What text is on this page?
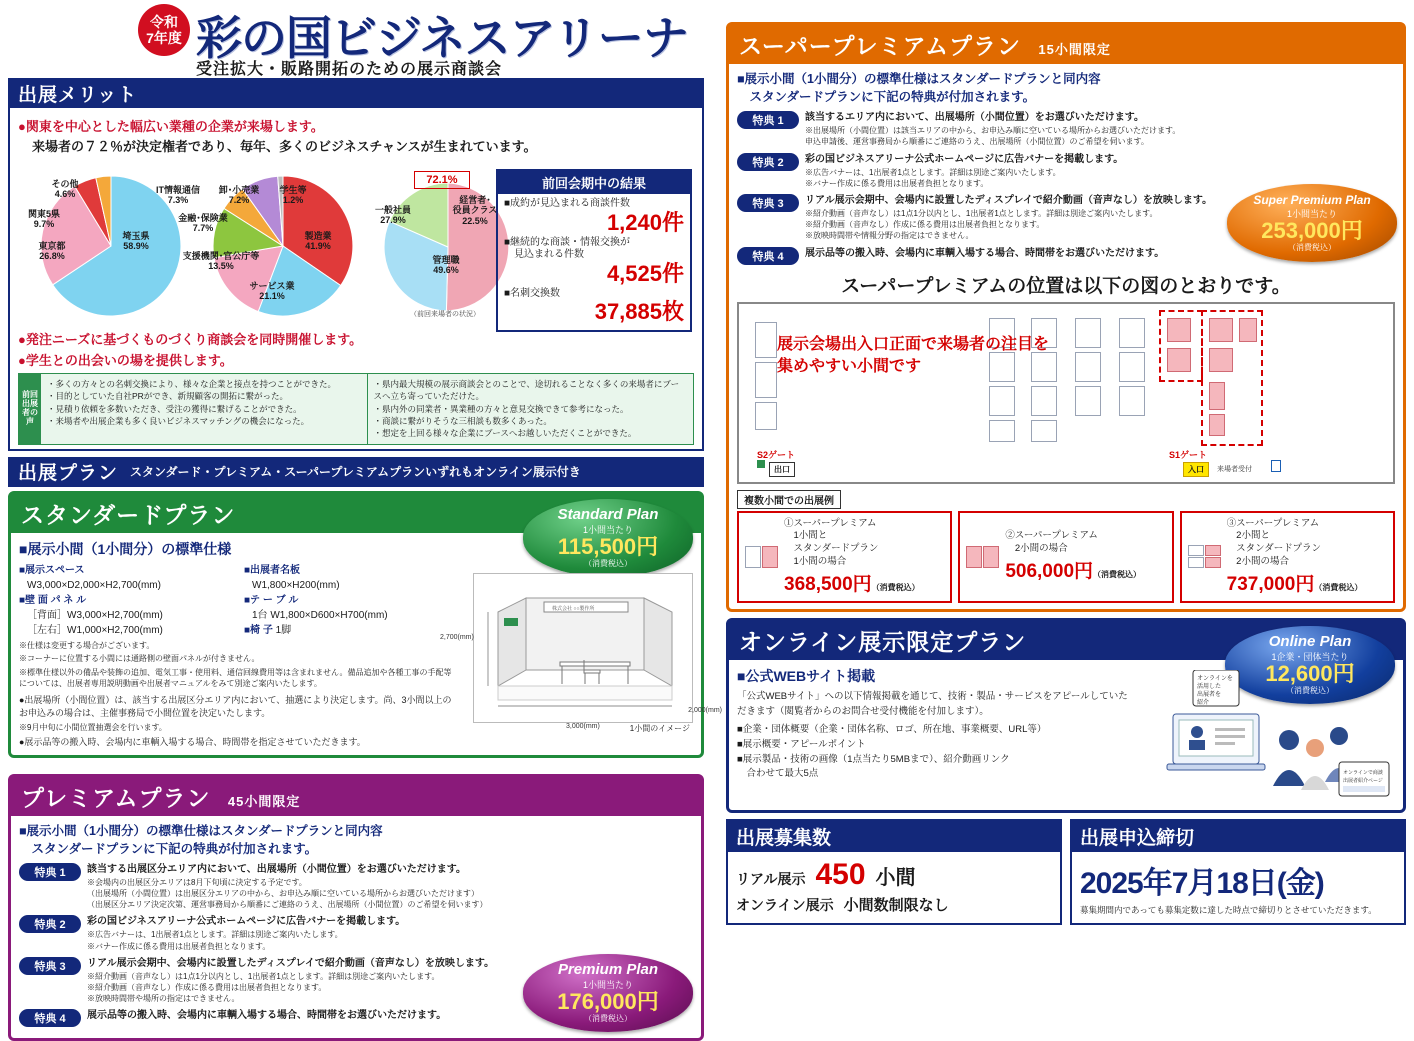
令和
7年度 彩の国ビジネスアリーナ
受注拡大・販路開拓のための展示商談会
出展メリット
●関東を中心とした幅広い業種の企業が来場します。
来場者の７２％が決定権者であり、毎年、多くのビジネスチャンスが生まれています。
埼玉県
58.9%
東京都
26.8%
関東5県
9.7%
その他
4.6%
製造業
41.9%
サービス業
21.1%
支援機関･官公庁等
13.5%
金融･保険業
7.7%
卸･小売業
7.2%
IT情報通信
7.3%
学生等
1.2%
管理職
49.6%
一般社員
27.9%
経営者･
役員クラス
22.5%
72.1%
（前回来場者の状況）
前回会期中の結果
■成約が見込まれる商談件数
1,240件
■継続的な商談・情報交換が
　見込まれる件数
4,525件
■名刺交換数
37,885枚
●発注ニーズに基づくものづくり商談会を同時開催します。
●学生との出会いの場を提供します。
前回出展者の声
・多くの方々との名刺交換により、様々な企業と接点を持つことができた。
・目的としていた自社PRができ、新規顧客の開拓に繋がった。
・見積り依頼を多数いただき、受注の獲得に繋げることができた。
・来場者や出展企業も多く良いビジネスマッチングの機会になった。
・県内最大規模の展示商談会とのことで、途切れることなく多くの来場者にブースへ立ち寄っていただけた。
・県内外の同業者・異業種の方々と意見交換できて参考になった。
・商談に繋がりそうな三相談も数多くあった。
・想定を上回る様々な企業にブースへお越しいただくことができた。
出展プラン スタンダード・プレミアム・スーパープレミアムプランいずれもオンライン展示付き
スタンダードプラン	Standard Plan
1小間当たり
115,500円
（消費税込）
■展示小間（1小間分）の標準仕様
■展示スペース
W3,000×D2,000×H2,700(mm)
■壁 面 パ ネ ル
［背面］W3,000×H2,700(mm)
［左右］W1,000×H2,700(mm)
■出展者名板
W1,800×H200(mm)
■テ ー ブ ル
1台 W1,800×D600×H700(mm)
■椅 子 1脚
※仕様は変更する場合がございます。
※コーナーに位置する小間には通路側の壁面パネルが付きません。
※標準仕様以外の備品や装飾の追加、電気工事・使用料、通信回線費用等は含まれません。備品追加や各種工事の手配等については、出展者専用説明動画や出展者マニュアルをみて別途ご案内いたします。
●出展場所（小間位置）は、該当する出展区分エリア内において、抽選により決定します。尚、3小間以上のお申込みの場合は、主催事務局で小間位置を決定いたします。
※9月中旬に小間位置抽選会を行います。
●展示品等の搬入時、会場内に車輌入場する場合、時間帯を指定させていただきます。
株式会社 ○○製作所
2,700(mm)
3,000(mm)
2,000(mm)
1小間のイメージ
プレミアムプラン 45小間限定
Premium Plan
1小間当たり
176,000円
（消費税込）
■展示小間（1小間分）の標準仕様はスタンダードプランと同内容
　スタンダードプランに下記の特典が付加されます。
特典 1	該当する出展区分エリア内において、出展場所（小間位置）をお選びいただけます。
※会場内の出展区分エリアは8月下旬頃に決定する予定です。
（出展場所（小間位置）は出展区分エリアの中から、お申込み順に空いている場所からお選びいただけます）
（出展区分エリア決定次第、運営事務局から順番にご連絡のうえ、出展場所（小間位置）のご希望を伺います）
特典 2	彩の国ビジネスアリーナ公式ホームページに広告バナーを掲載します。
※広告バナーは、1出展者1点とします。詳細は別途ご案内いたします。
※バナー作成に係る費用は出展者負担となります。
特典 3	リアル展示会期中、会場内に設置したディスプレイで紹介動画（音声なし）を放映します。
※紹介動画（音声なし）は1点1分以内とし、1出展者1点とします。詳細は別途ご案内いたします。
※紹介動画（音声なし）作成に係る費用は出展者負担となります。
※放映時間帯や場所の指定はできません。
特典 4	展示品等の搬入時、会場内に車輌入場する場合、時間帯をお選びいただけます。
スーパープレミアムプラン 15小間限定
■展示小間（1小間分）の標準仕様はスタンダードプランと同内容
　スタンダードプランに下記の特典が付加されます。
Super Premium Plan
1小間当たり
253,000円
（消費税込）
特典 1	該当するエリア内において、出展場所（小間位置）をお選びいただけます。
※出展場所（小間位置）は該当エリアの中から、お申込み順に空いている場所からお選びいただけます。
申込申請後、運営事務局から順番にご連絡のうえ、出展場所（小間位置）のご希望を伺います。
特典 2	彩の国ビジネスアリーナ公式ホームページに広告バナーを掲載します。
※広告バナーは、1出展者1点とします。詳細は別途ご案内いたします。
※バナー作成に係る費用は出展者負担となります。
特典 3	リアル展示会期中、会場内に設置したディスプレイで紹介動画（音声なし）を放映します。
※紹介動画（音声なし）は1点1分以内とし、1出展者1点とします。詳細は別途ご案内いたします。
※紹介動画（音声なし）作成に係る費用は出展者負担となります。
※放映時間帯や情報分野の指定はできません。
特典 4	展示品等の搬入時、会場内に車輌入場する場合、時間帯をお選びいただけます。
スーパープレミアムの位置は以下の図のとおりです。
展示会場出入口正面で来場者の注目を
集めやすい小間です
S2ゲート	S1ゲート
出口	入口	来場者受付
複数小間での出展例
①スーパープレミアム
　1小間と
　スタンダードプラン
　1小間の場合
368,500円（消費税込）
②スーパープレミアム
　2小間の場合
506,000円（消費税込）
③スーパープレミアム
　2小間と
　スタンダードプラン
　2小間の場合
737,000円（消費税込）
オンライン展示限定プラン	Online Plan
1企業・団体当たり
12,600円
（消費税込）
■公式WEBサイト掲載
「公式WEBサイト」への以下情報掲載を通じて、技術・製品・サービスをアピールしていただきます（閲覧者からのお問合せ受付機能を付加します）。
■企業・団体概要（企業・団体名称、ロゴ、所在地、事業概要、URL等）
■展示概要・アピールポイント
■展示製品・技術の画像（1点当たり5MBまで）、紹介動画リンク
　合わせて最大5点
オンラインを
活用した
出展者を
紹介
オンラインで商談
出展者紹介ページ
出展募集数
リアル展示 450 小間
オンライン展示 小間数制限なし
出展申込締切
2025年7月18日(金)
募集期間内であっても募集定数に達した時点で締切りとさせていただきます。
